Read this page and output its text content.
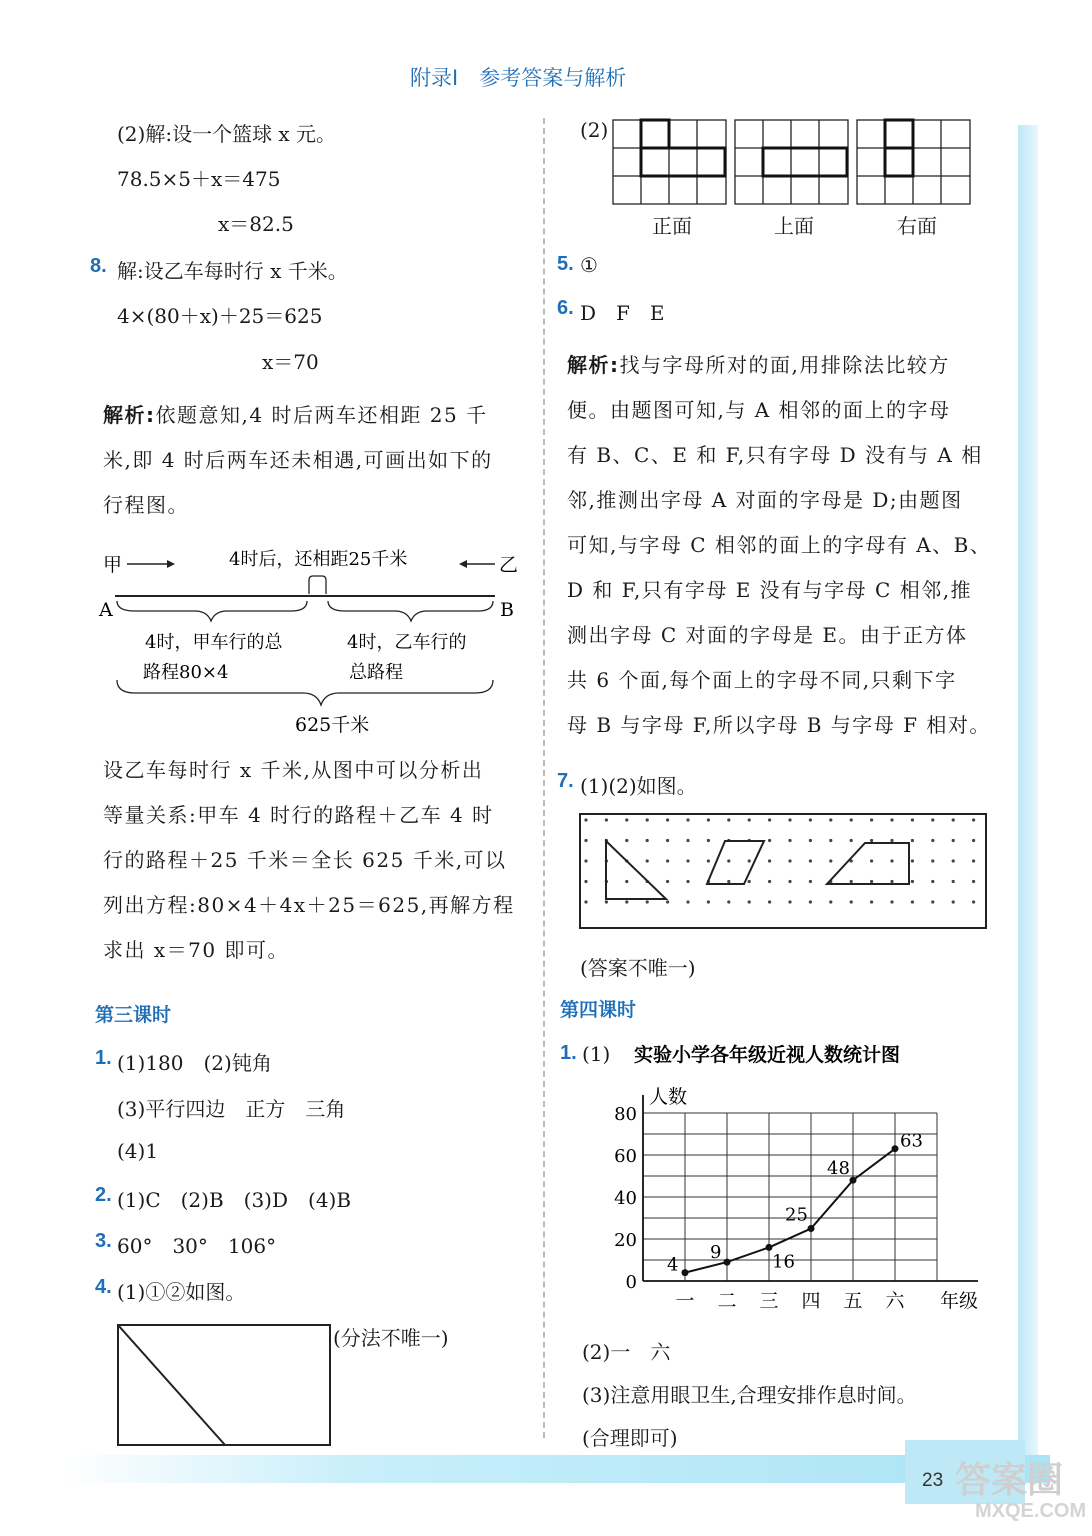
附录Ⅰ　参考答案与解析
(2)解:设一个篮球 x 元。
78.5×5＋x＝475
x＝82.5
8. 解:设乙车每时行 x 千米。
4×(80＋x)＋25＝625
x＝70
解析:依题意知,4 时后两车还相距 25 千
米,即 4 时后两车还未相遇,可画出如下的
行程图。
甲	4时后，还相距25千米	乙
A	B
4时，甲车行的总
路程80×4
4时，乙车行的
总路程
625千米
设乙车每时行 x 千米,从图中可以分析出
等量关系:甲车 4 时行的路程＋乙车 4 时
行的路程＋25 千米＝全长 625 千米,可以
列出方程:80×4＋4x＋25＝625,再解方程
求出 x＝70 即可。
第三课时
1. (1)180　(2)钝角
(3)平行四边　正方　三角
(4)1
2. (1)C　(2)B　(3)D　(4)B
3. 60°　30°　106°
4. (1)①②如图。
(分法不唯一)
(2)
正面	上面	右面
5. ①
6. D　F　E
解析:找与字母所对的面,用排除法比较方
便。由题图可知,与 A 相邻的面上的字母
有 B、C、E 和 F,只有字母 D 没有与 A 相
邻,推测出字母 A 对面的字母是 D;由题图
可知,与字母 C 相邻的面上的字母有 A、B、
D 和 F,只有字母 E 没有与字母 C 相邻,推
测出字母 C 对面的字母是 E。由于正方体
共 6 个面,每个面上的字母不同,只剩下字
母 B 与字母 F,所以字母 B 与字母 F 相对。
7. (1)(2)如图。
(答案不唯一)
第四课时
1. (1) 实验小学各年级近视人数统计图
人数
0
20
40
60
80
一 二 三 四 五 六 年级
4
9	16
25
48
63
(2)一　六
(3)注意用眼卫生,合理安排作息时间。
(合理即可)
23 答案圈
MXQE.COM
